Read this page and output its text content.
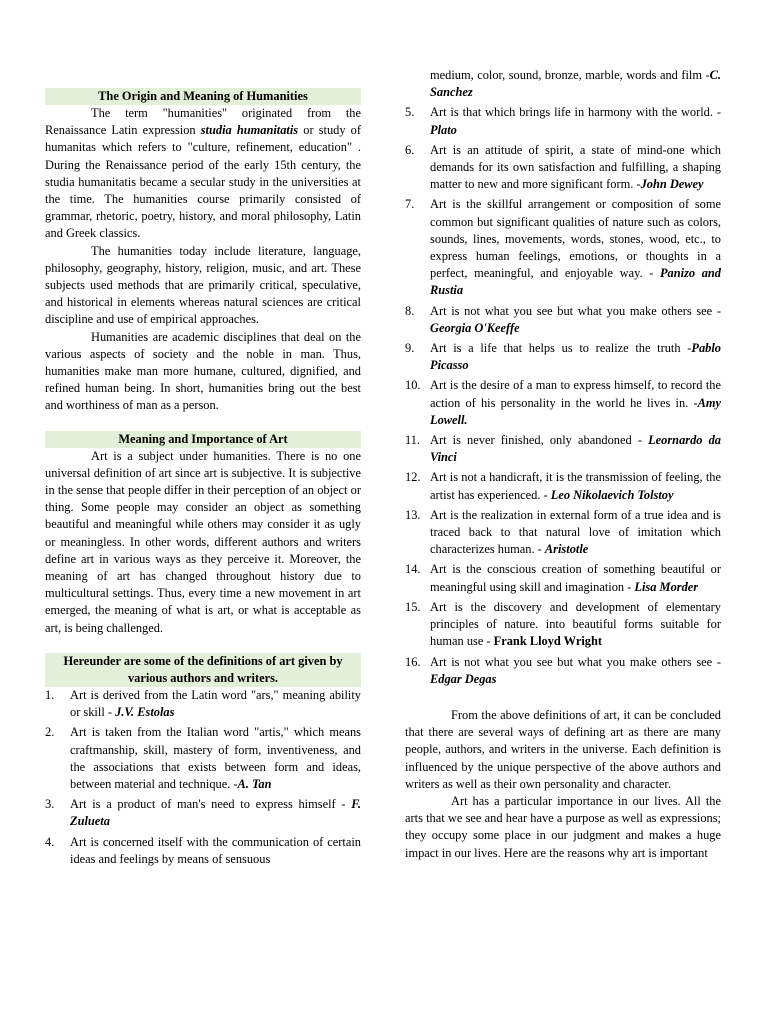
The Origin and Meaning of Humanities

The term "humanities" originated from the Renaissance Latin expression studia humanitatis or study of humanitas which refers to "culture, refinement, education" . During the Renaissance period of the early 15th century, the studia humanitatis became a secular study in the universities at the time. The humanities course primarily consisted of grammar, rhetoric, poetry, history, and moral philosophy, Latin and Greek classics.

The humanities today include literature, language, philosophy, geography, history, religion, music, and art. These subjects used methods that are primarily critical, speculative, and historical in elements whereas natural sciences are critical discipline and use of empirical approaches.

Humanities are academic disciplines that deal on the various aspects of society and the noble in man. Thus, humanities make man more humane, cultured, dignified, and refined human being. In short, humanities bring out the best and worthiness of man as a person.

Meaning and Importance of Art

Art is a subject under humanities. There is no one universal definition of art since art is subjective. It is subjective in the sense that people differ in their perception of an object or thing. Some people may consider an object as something beautiful and meaningful while others may consider it as ugly or meaningless. In other words, different authors and writers define art in various ways as they perceive it. Moreover, the meaning of art has changed throughout history due to multicultural settings. Thus, every time a new movement in art emerged, the meaning of what is art, or what is acceptable as art, is being challenged.

Hereunder are some of the definitions of art given by various authors and writers.
1.	Art is derived from the Latin word "ars," meaning ability or skill - J.V. Estolas
2.	Art is taken from the Italian word "artis," which means craftmanship, skill, mastery of form, inventiveness, and the associations that exists between form and ideas, between material and technique. -A. Tan
3.	Art is a product of man's need to express himself - F. Zulueta
4.	Art is concerned itself with the communication of certain ideas and feelings by means of sensuous

medium, color, sound, bronze, marble, words and film -C. Sanchez

5.	Art is that which brings life in harmony with the world. - Plato
6.	Art is an attitude of spirit, a state of mind-one which demands for its own satisfaction and fulfilling, a shaping matter to new and more significant form. -John Dewey
7.	Art is the skillful arrangement or composition of some common but significant qualities of nature such as colors, sounds, lines, movements, words, stones, wood, etc., to express human feelings, emotions, or thoughts in a perfect, meaningful, and enjoyable way. - Panizo and Rustia
8.	Art is not what you see but what you make others see -Georgia O'Keeffe
9.	Art is a life that helps us to realize the truth -Pablo Picasso
10. Art is the desire of a man to express himself, to record the action of his personality in the world he lives in. -Amy Lowell.
11. Art is never finished, only abandoned - Leornardo da Vinci
12. Art is not a handicraft, it is the transmission of feeling, the artist has experienced. - Leo Nikolaevich Tolstoy
13. Art is the realization in external form of a true idea and is traced back to that natural love of imitation which characterizes human. - Aristotle
14. Art is the conscious creation of something beautiful or meaningful using skill and imagination - Lisa Morder
15. Art is the discovery and development of elementary principles of nature. into beautiful forms suitable for human use - Frank Lloyd Wright
16. Art is not what you see but what you make others see - Edgar Degas

From the above definitions of art, it can be concluded that there are several ways of defining art as there are many people, authors, and writers in the universe. Each definition is influenced by the unique perspective of the above authors and writers as well as their own personality and character.

Art has a particular importance in our lives. All the arts that we see and hear have a purpose as well as expressions; they occupy some place in our judgment and makes a huge impact in our lives. Here are the reasons why art is important
